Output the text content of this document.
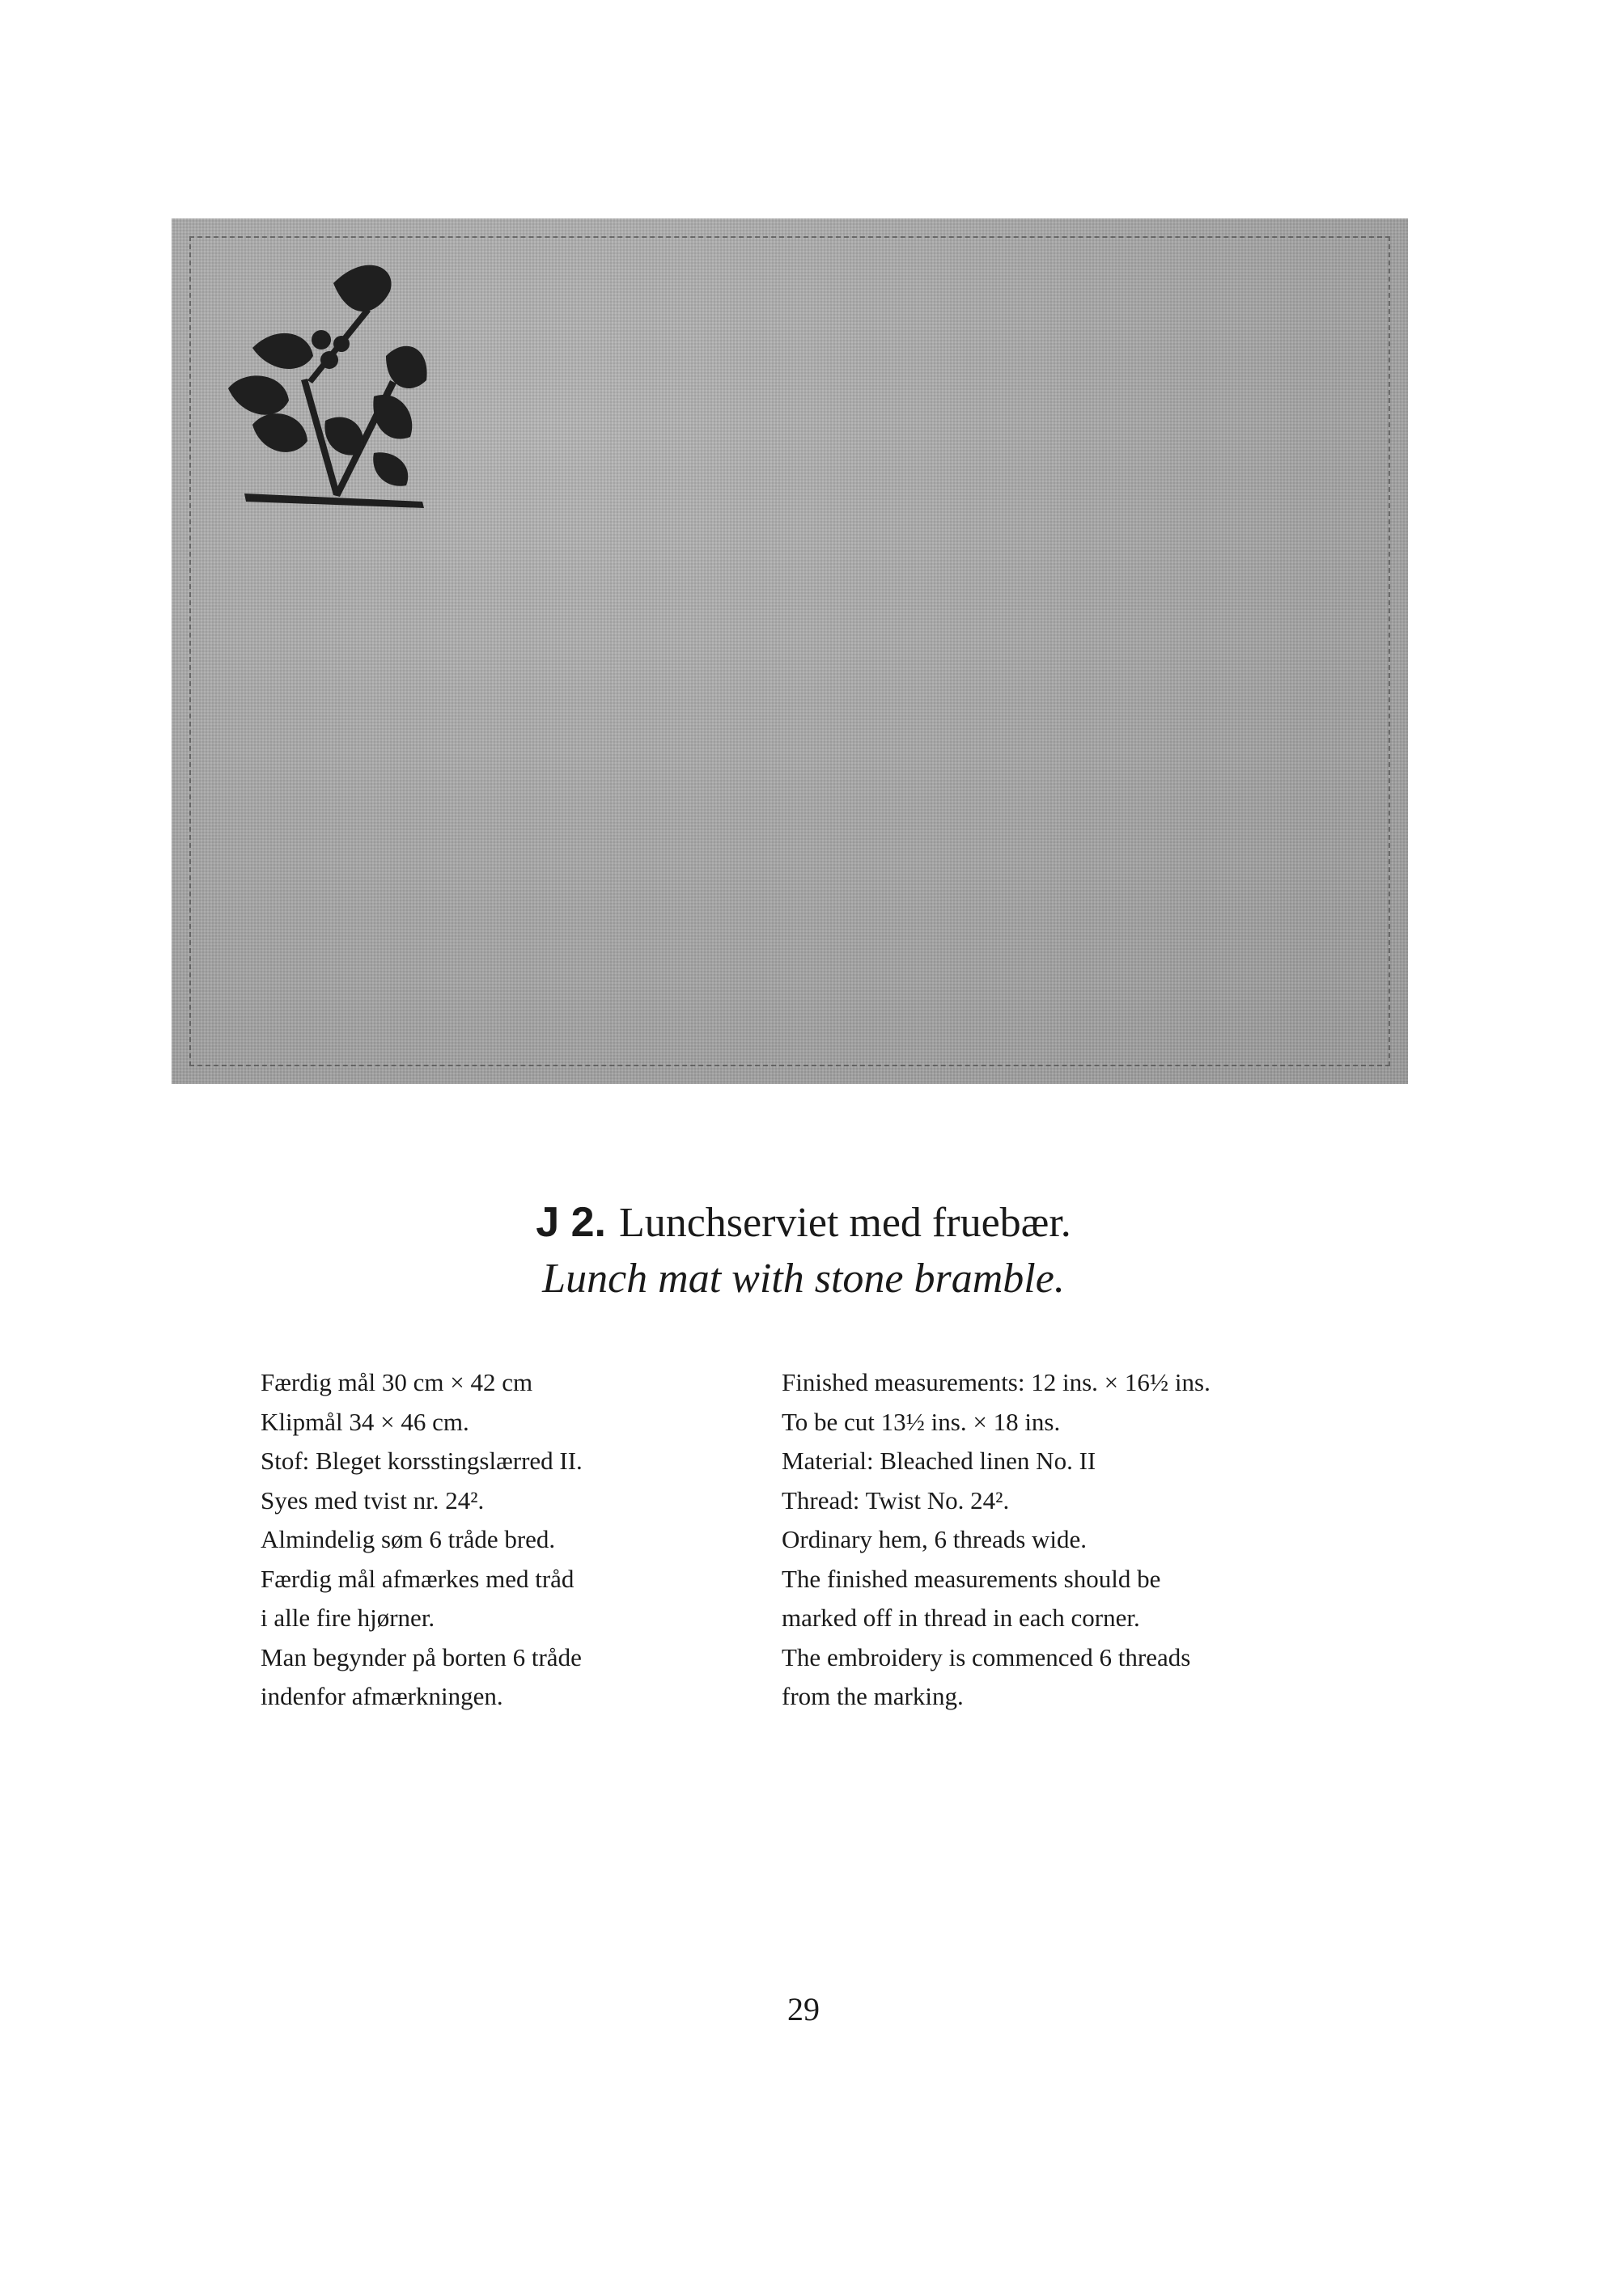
J 2. Lunchserviet med fruebær.
Lunch mat with stone bramble.
Færdig mål 30 cm × 42 cm
Klipmål 34 × 46 cm.
Stof: Bleget korsstingslærred II.
Syes med tvist nr. 24².
Almindelig søm 6 tråde bred.
Færdig mål afmærkes med tråd
i alle fire hjørner.
Man begynder på borten 6 tråde
indenfor afmærkningen.
Finished measurements: 12 ins. × 16½ ins.
To be cut 13½ ins. × 18 ins.
Material: Bleached linen No. II
Thread: Twist No. 24².
Ordinary hem, 6 threads wide.
The finished measurements should be
marked off in thread in each corner.
The embroidery is commenced 6 threads
from the marking.
29
